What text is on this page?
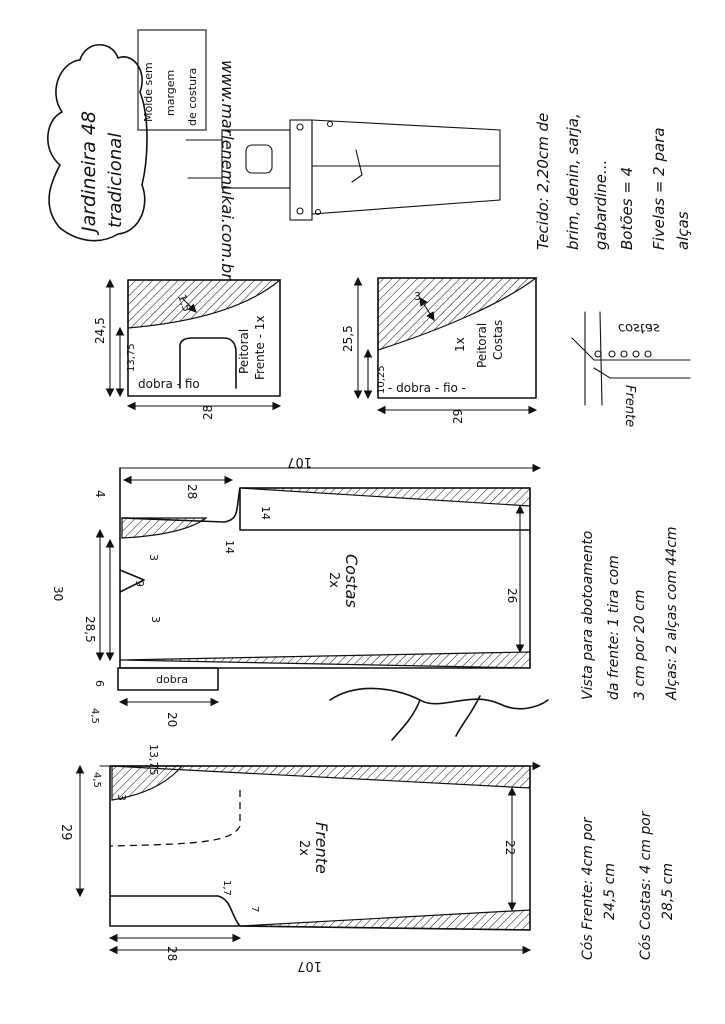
Jardineira 48 tradicional
Molde sem margem de costura www.marlenemukai.com.br	Tecido: 2,20cm de brim, denin, sarja, gabardine... Botões = 4 Fivelas = 2 para alças
Peitoral Frente - 1x
24,5
13,75
1,5
28
dobra - fio
Peitoral Costas
1x
25,5
10,25
3
29
- dobra - fio -
costas
Frente
Costas
2x
107
28
4
14
14
3
3
9
30
28,5
6
4,5	20
26
dobra	Vista para abotoamento da frente: 1 tira com 3 cm por 20 cm Alças: 2 alças com 44cm
Frente
2x
107
13,75
4,5
3
29
1,7
7
28
22	Cós Frente: 4cm por 24,5 cm Cós Costas: 4 cm por 28,5 cm
